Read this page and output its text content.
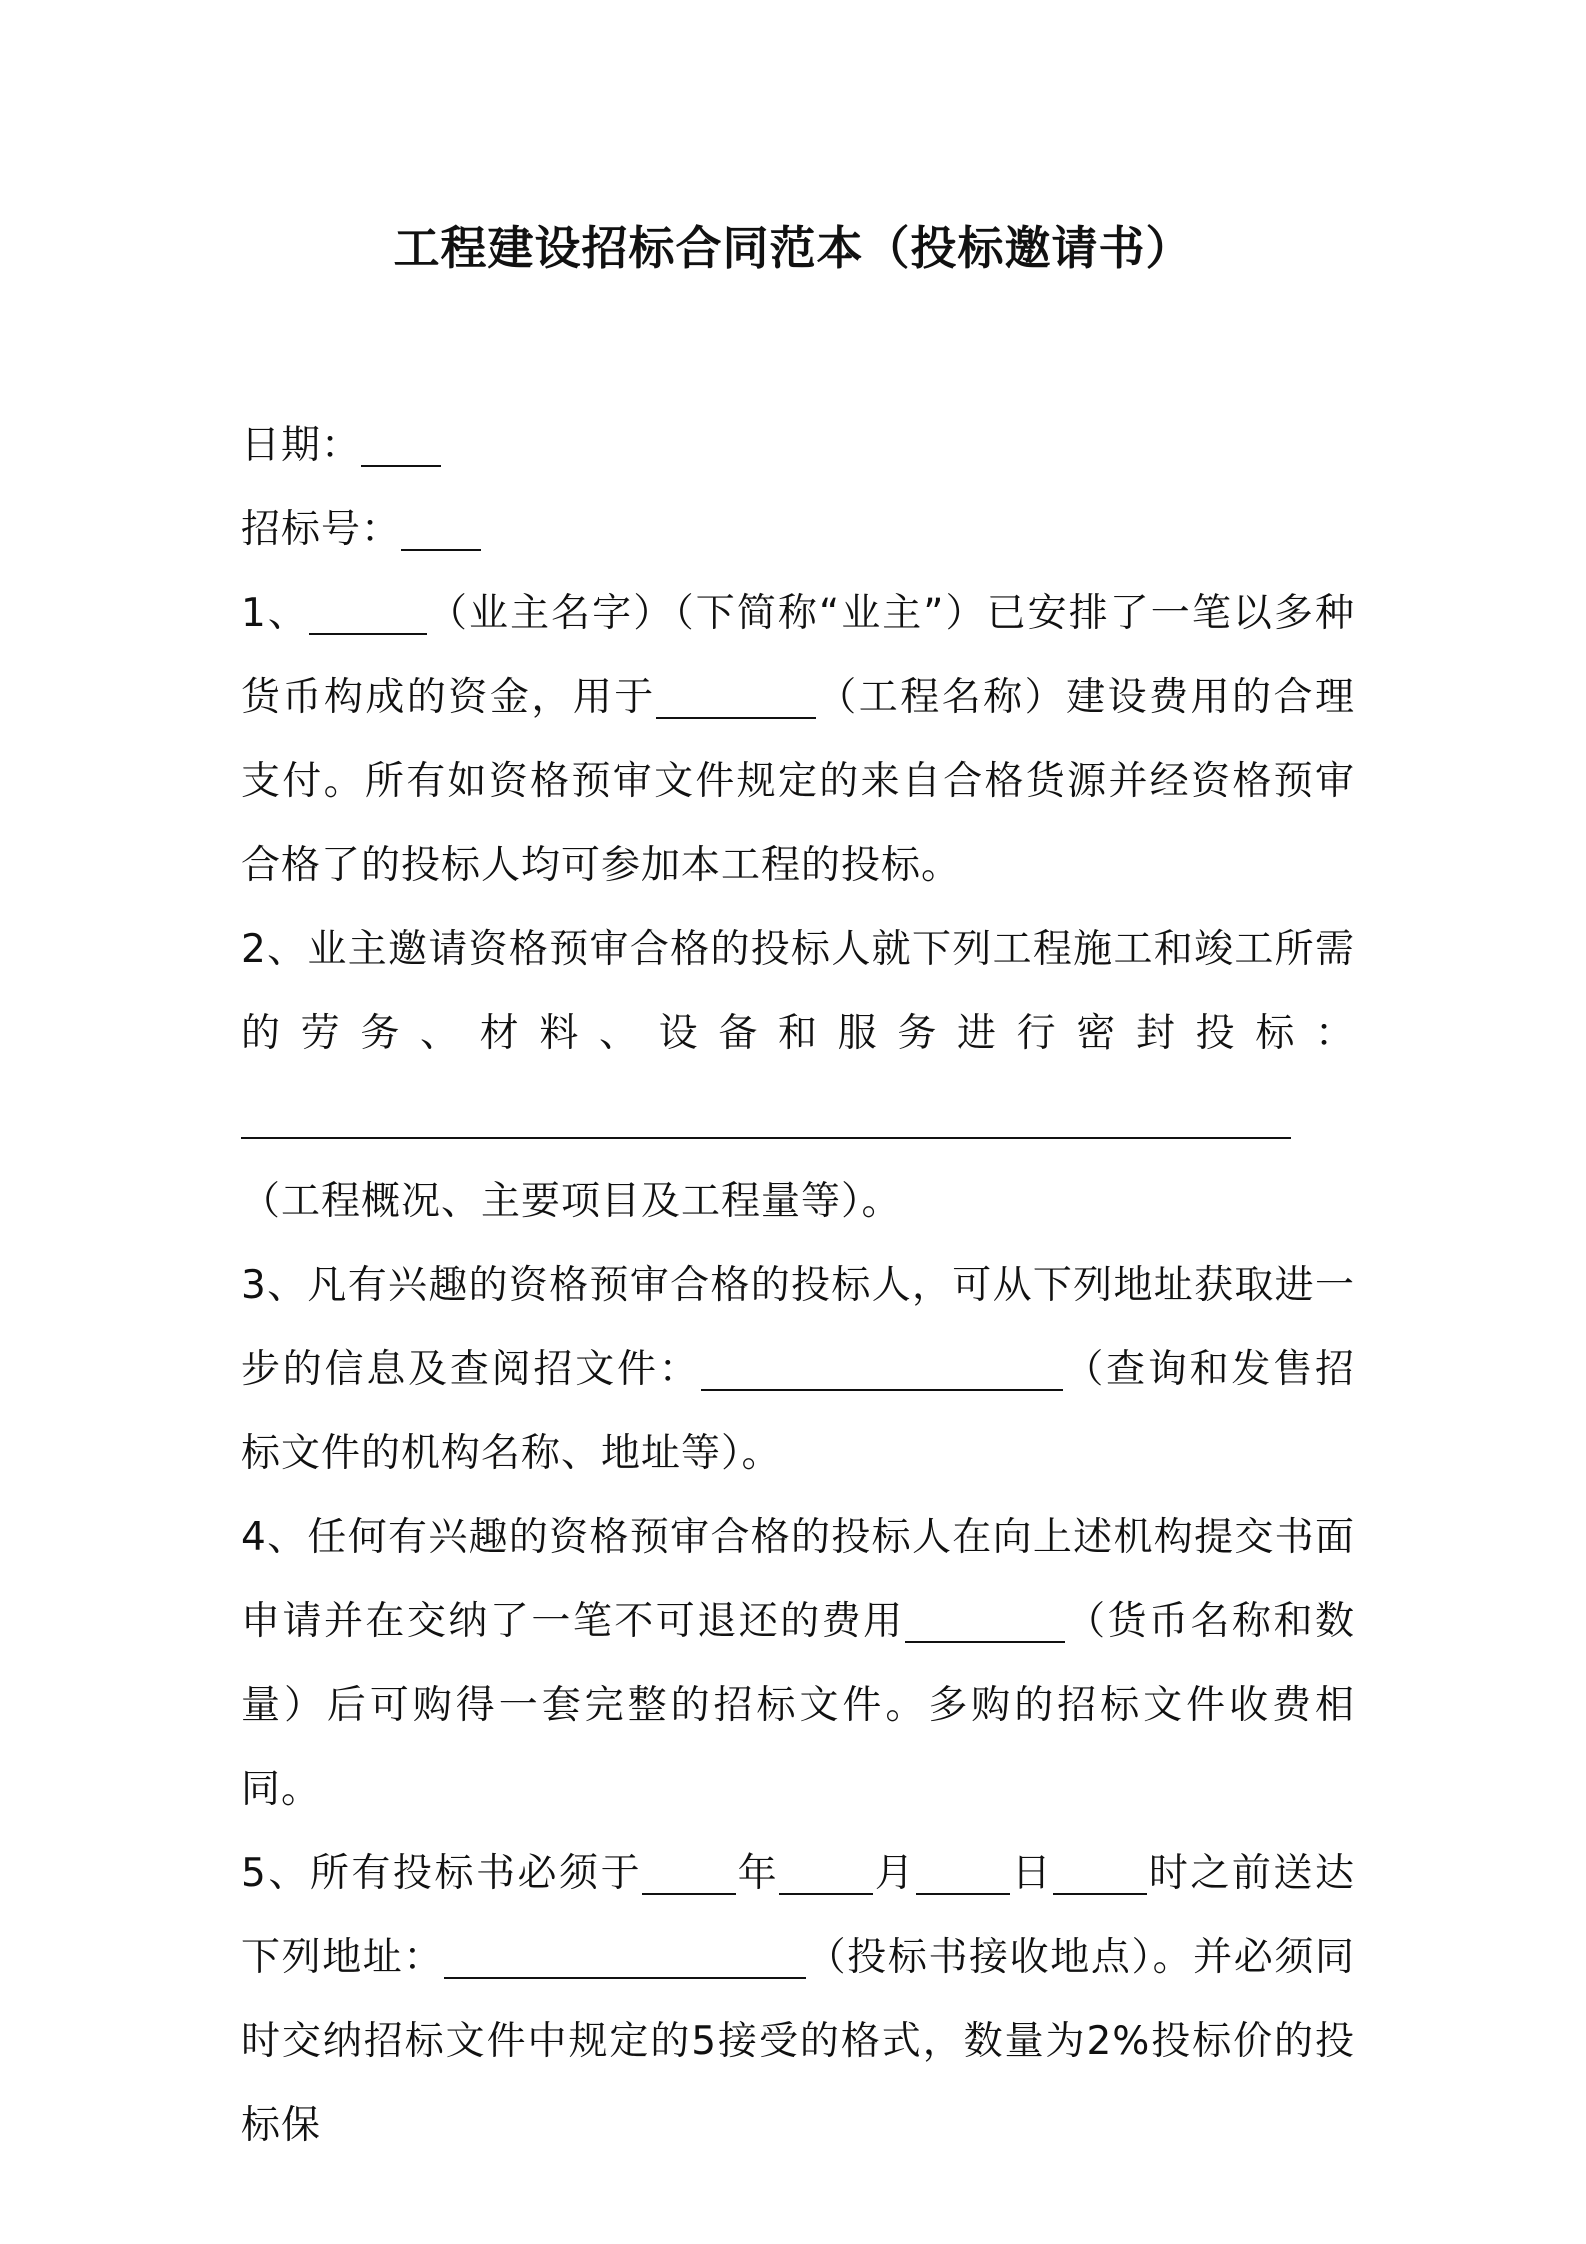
工程建设招标合同范本（投标邀请书）

日期：

招标号：

1、	（业主名字）（下简称“业主”）已安排了一笔以多种货币构成的资金，用于	（工程名称）建设费用的合理支付。所有如资格预审文件规定的来自合格货源并经资格预审合格了的投标人均可参加本工程的投标。

2、业主邀请资格预审合格的投标人就下列工程施工和竣工所需的劳务、材料、设备和服务进行密封投标：（工程概况、主要项目及工程量等）。

3、凡有兴趣的资格预审合格的投标人，可从下列地址获取进一步的信息及查阅招文件：	（查询和发售招标文件的机构名称、地址等）。

4、任何有兴趣的资格预审合格的投标人在向上述机构提交书面申请并在交纳了一笔不可退还的费用	（货币名称和数量）后可购得一套完整的招标文件。多购的招标文件收费相同。

5、所有投标书必须于 年 月 日 时之前送达下列地址：	（投标书接收地点）。并必须同时交纳招标文件中规定的5接受的格式，数量为2%投标价的投标保
